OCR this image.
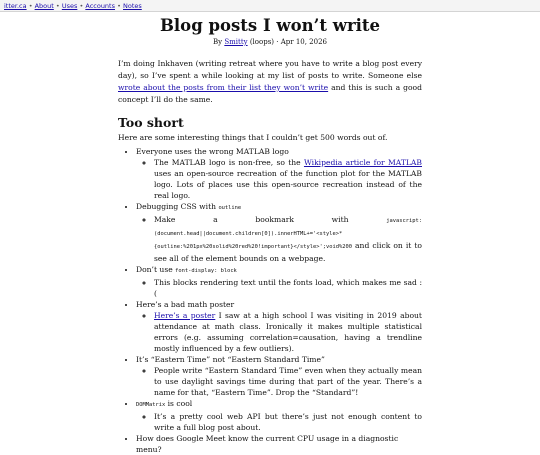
itter.ca • About • Uses • Accounts • Notes
Blog posts I won’t write
By Smitty (loops) · Apr 10, 2026

I’m doing Inkhaven (writing retreat where you have to write a blog post every day), so I’ve spent a while looking at my list of posts to write. Someone else wrote about the posts from their list they won’t write and this is such a good concept I’ll do the same.

Too short

Here are some interesting things that I couldn’t get 500 words out of.

• Everyone uses the wrong MATLAB logo
◦ The MATLAB logo is non-free, so the Wikipedia article for MATLAB uses an open-source recreation of the function plot for the MATLAB logo. Lots of places use this open-source recreation instead of the real logo.
• Debugging CSS with outline
◦ Make a bookmark with javascript:(document.head||document.children[0]).innerHTML+='<style>*{outline:%201px%20solid%20red%20!important}</style>';void%200 and click on it to see all of the element bounds on a webpage.
• Don’t use font-display: block
◦ This blocks rendering text until the fonts load, which makes me sad :(
• Here’s a bad math poster
◦ Here’s a poster I saw at a high school I was visiting in 2019 about attendance at math class. Ironically it makes multiple statistical errors (e.g. assuming correlation=causation, having a trendline mostly influenced by a few outliers).
• It’s “Eastern Time” not “Eastern Standard Time”
◦ People write “Eastern Standard Time” even when they actually mean to use daylight savings time during that part of the year. There’s a name for that, “Eastern Time”. Drop the “Standard”!
• DOMMatrix is cool
◦ It’s a pretty cool web API but there’s just not enough content to write a full blog post about.
• How does Google Meet know the current CPU usage in a diagnostic menu?
